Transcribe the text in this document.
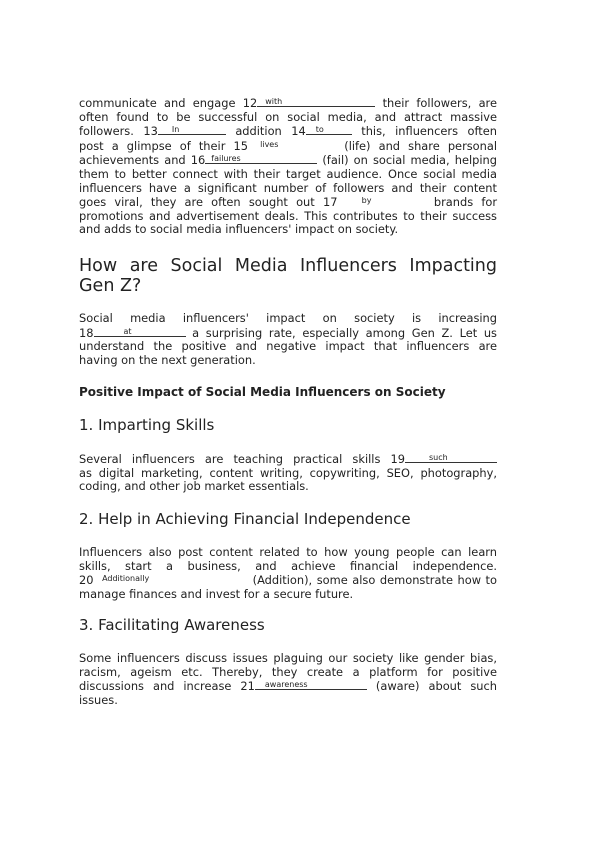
communicate and engage 12 with	their followers, are
often found to be successful on social media, and attract massive
followers. 13 In	addition 14 to	this, influencers often
post a glimpse of their 15 lives	(life) and share personal
achievements and 16 failures	(fail) on social media, helping
them to better connect with their target audience. Once social media
influencers have a significant number of followers and their content
goes viral, they are often sought out 17	by	brands for
promotions and advertisement deals. This contributes to their success
and adds to social media influencers' impact on society.
How are Social Media Influencers Impacting
Gen Z?
Social media influencers' impact on society is increasing
18	at	a surprising rate, especially among Gen Z. Let us
understand the positive and negative impact that influencers are
having on the next generation.
Positive Impact of Social Media Influencers on Society
1. Imparting Skills
Several influencers are teaching practical skills 19	such
as digital marketing, content writing, copywriting, SEO, photography,
coding, and other job market essentials.
2. Help in Achieving Financial Independence
Influencers also post content related to how young people can learn
skills, start a business, and achieve financial independence.
20 Additionally	(Addition), some also demonstrate how to
manage finances and invest for a secure future.
3. Facilitating Awareness
Some influencers discuss issues plaguing our society like gender bias,
racism, ageism etc. Thereby, they create a platform for positive
discussions and increase 21 awareness	(aware) about such
issues.
